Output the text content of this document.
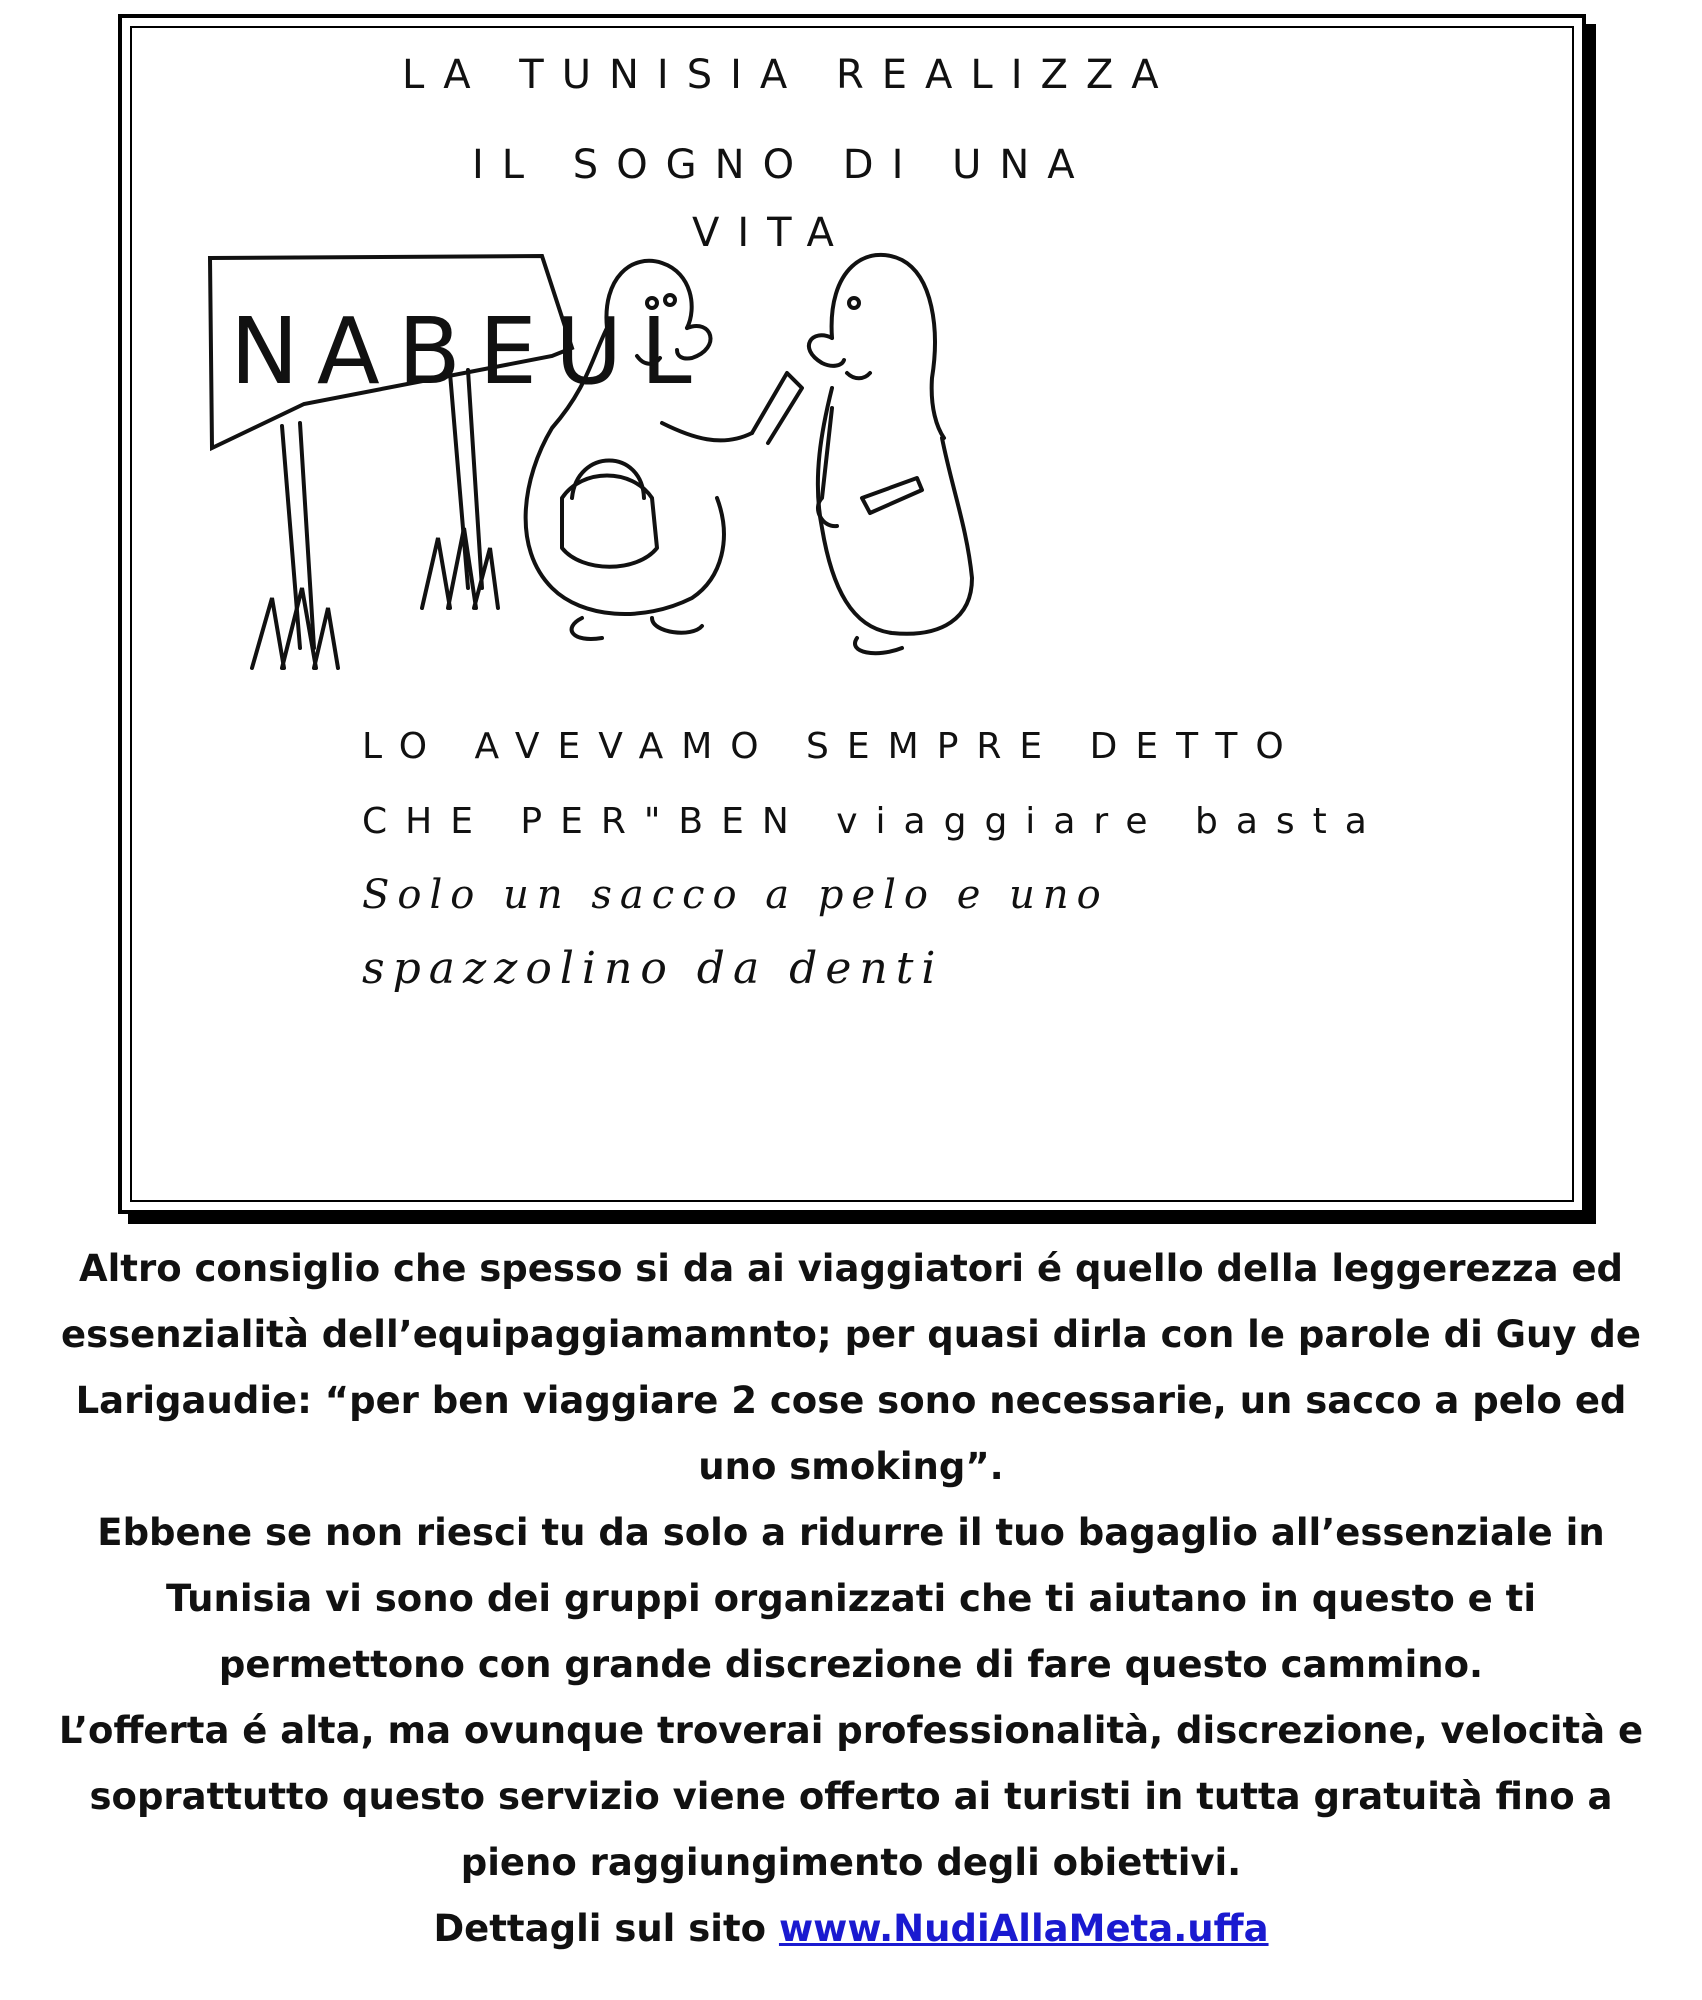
LA TUNISIA REALIZZA
IL SOGNO DI UNA
VITA
NABEUL
LO AVEVAMO SEMPRE DETTO
CHE PER"BEN viaggiare basta
Solo un sacco a pelo e uno
spazzolino da denti

Altro consiglio che spesso si da ai viaggiatori é quello della leggerezza ed essenzialità dell’equipaggiamamnto; per quasi dirla con le parole di Guy de Larigaudie: “per ben viaggiare 2 cose sono necessarie, un sacco a pelo ed uno smoking”.

Ebbene se non riesci tu da solo a ridurre il tuo bagaglio all’essenziale in Tunisia vi sono dei gruppi organizzati che ti aiutano in questo e ti permettono con grande discrezione di fare questo cammino.

L’offerta é alta, ma ovunque troverai professionalità, discrezione, velocità e soprattutto questo servizio viene offerto ai turisti in tutta gratuità fino a pieno raggiungimento degli obiettivi.

Dettagli sul sito www.NudiAllaMeta.uffa
